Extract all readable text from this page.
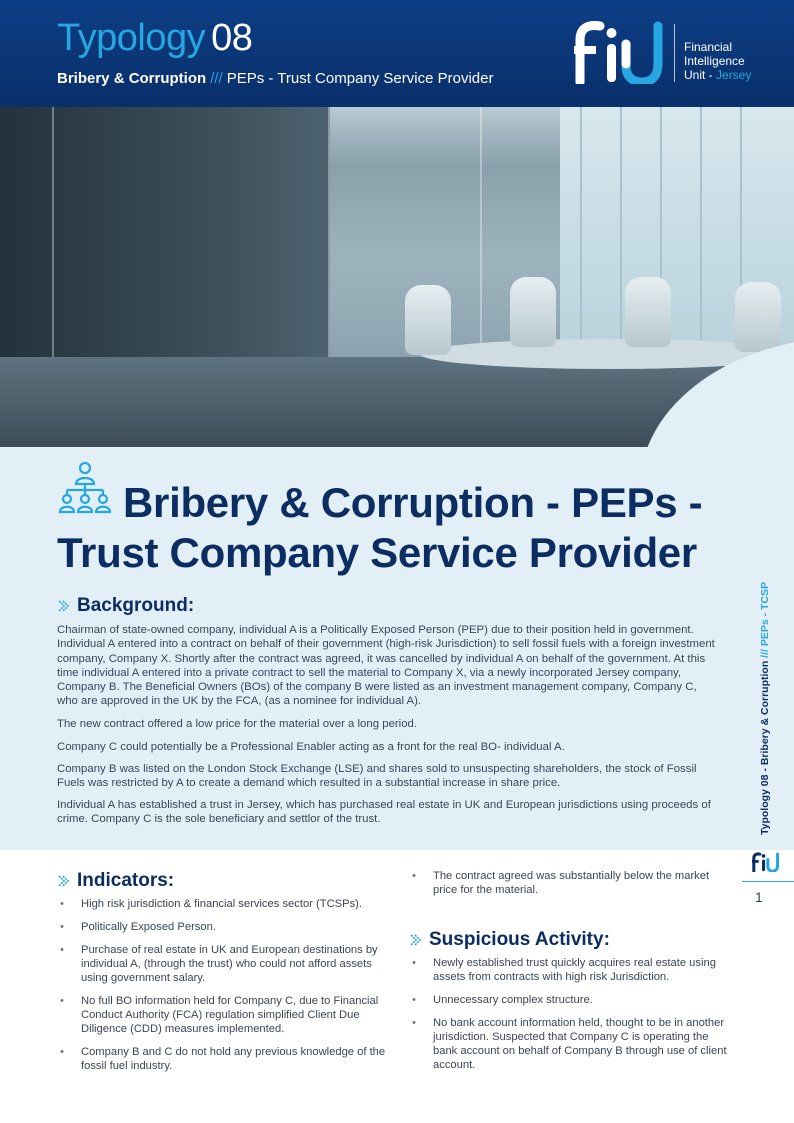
Typology 08
Bribery & Corruption /// PEPs - Trust Company Service Provider
Financial
Intelligence
Unit - Jersey
Bribery & Corruption - PEPs - Trust Company Service Provider
Background:

Chairman of state-owned company, individual A is a Politically Exposed Person (PEP) due to their position held in government. Individual A entered into a contract on behalf of their government (high-risk Jurisdiction) to sell fossil fuels with a foreign investment company, Company X. Shortly after the contract was agreed, it was cancelled by individual A on behalf of the government. At this time individual A entered into a private contract to sell the material to Company X, via a newly incorporated Jersey company, Company B. The Beneficial Owners (BOs) of the company B were listed as an investment management company, Company C, who are approved in the UK by the FCA, (as a nominee for individual A).

The new contract offered a low price for the material over a long period.

Company C could potentially be a Professional Enabler acting as a front for the real BO- individual A.

Company B was listed on the London Stock Exchange (LSE) and shares sold to unsuspecting shareholders, the stock of Fossil Fuels was restricted by A to create a demand which resulted in a substantial increase in share price.

Individual A has established a trust in Jersey, which has purchased real estate in UK and European jurisdictions using proceeds of crime. Company C is the sole beneficiary and settlor of the trust.	Typology 08 - Bribery & Corruption /// PEPs - TCSP
1
Indicators:
• High risk jurisdiction & financial services sector (TCSPs).
• Politically Exposed Person.
• Purchase of real estate in UK and European destinations by individual A, (through the trust) who could not afford assets using government salary.
• No full BO information held for Company C, due to Financial Conduct Authority (FCA) regulation simplified Client Due Diligence (CDD) measures implemented.
• Company B and C do not hold any previous knowledge of the fossil fuel industry.
• The contract agreed was substantially below the market price for the material.
Suspicious Activity:
• Newly established trust quickly acquires real estate using assets from contracts with high risk Jurisdiction.
• Unnecessary complex structure.
• No bank account information held, thought to be in another jurisdiction. Suspected that Company C is operating the bank account on behalf of Company B through use of client account.
